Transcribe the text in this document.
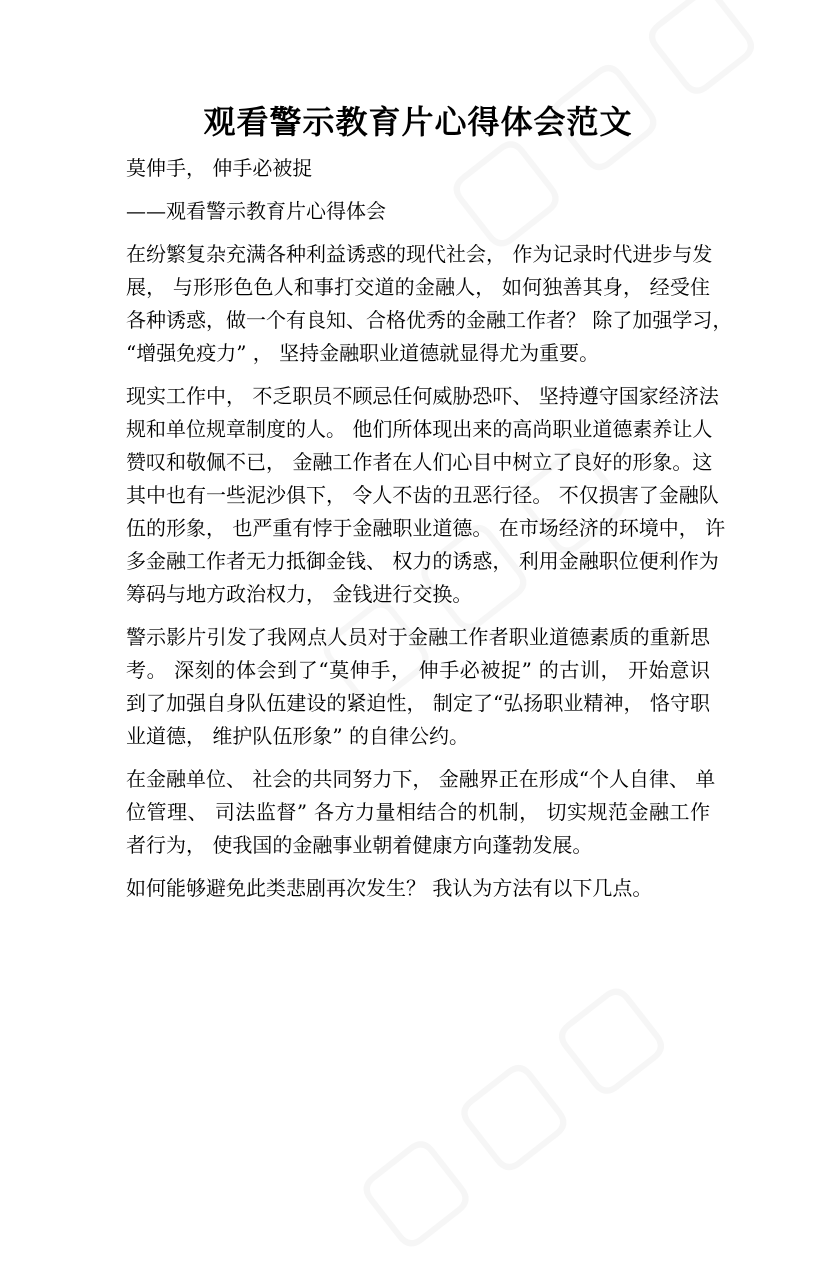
观看警示教育片心得体会范文

莫伸手， 伸手必被捉

——观看警示教育片心得体会

在纷繁复杂充满各种利益诱惑的现代社会， 作为记录时代进步与发
展， 与形形色色人和事打交道的金融人， 如何独善其身， 经受住
各种诱惑，做一个有良知、合格优秀的金融工作者？ 除了加强学习，
“增强免疫力” ， 坚持金融职业道德就显得尤为重要。

现实工作中， 不乏职员不顾忌任何威胁恐吓、 坚持遵守国家经济法
规和单位规章制度的人。 他们所体现出来的高尚职业道德素养让人
赞叹和敬佩不已， 金融工作者在人们心目中树立了良好的形象。这
其中也有一些泥沙俱下， 令人不齿的丑恶行径。 不仅损害了金融队
伍的形象， 也严重有悖于金融职业道德。 在市场经济的环境中， 许
多金融工作者无力抵御金钱、 权力的诱惑， 利用金融职位便利作为
筹码与地方政治权力， 金钱进行交换。

警示影片引发了我网点人员对于金融工作者职业道德素质的重新思
考。 深刻的体会到了“莫伸手， 伸手必被捉” 的古训， 开始意识
到了加强自身队伍建设的紧迫性， 制定了“弘扬职业精神， 恪守职
业道德， 维护队伍形象” 的自律公约。

在金融单位、 社会的共同努力下， 金融界正在形成“个人自律、 单
位管理、 司法监督” 各方力量相结合的机制， 切实规范金融工作
者行为， 使我国的金融事业朝着健康方向蓬勃发展。

如何能够避免此类悲剧再次发生？ 我认为方法有以下几点。
